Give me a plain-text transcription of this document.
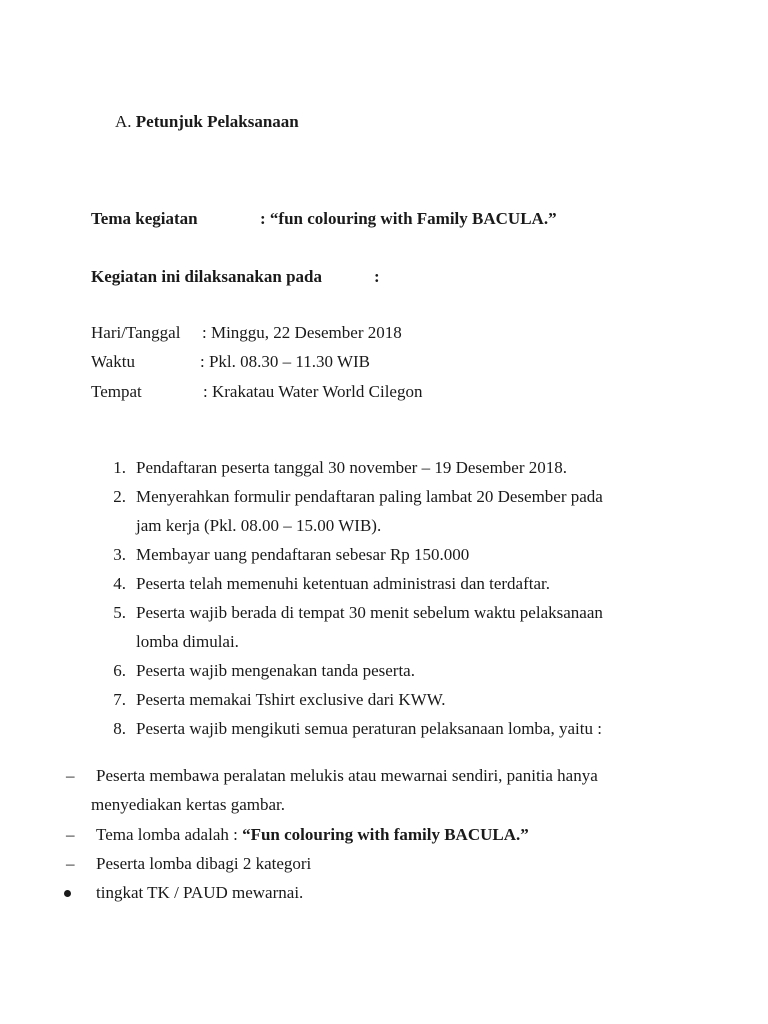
A. Petunjuk Pelaksanaan
Tema kegiatan	: “fun colouring with Family BACULA.”
Kegiatan ini dilaksanakan pada	:
Hari/Tanggal : Minggu, 22 Desember 2018
Waktu	: Pkl. 08.30 – 11.30 WIB
Tempat	: Krakatau Water World Cilegon
1. Pendaftaran peserta tanggal 30 november – 19 Desember 2018.
2. Menyerahkan formulir pendaftaran paling lambat 20 Desember pada
jam kerja (Pkl. 08.00 – 15.00 WIB).
3. Membayar uang pendaftaran sebesar Rp 150.000
4. Peserta telah memenuhi ketentuan administrasi dan terdaftar.
5. Peserta wajib berada di tempat 30 menit sebelum waktu pelaksanaan
lomba dimulai.
6. Peserta wajib mengenakan tanda peserta.
7. Peserta memakai Tshirt exclusive dari KWW.
8. Peserta wajib mengikuti semua peraturan pelaksanaan lomba, yaitu :
– Peserta membawa peralatan melukis atau mewarnai sendiri, panitia hanya
menyediakan kertas gambar.
– Tema lomba adalah : “Fun colouring with family BACULA.”
– Peserta lomba dibagi 2 kategori
tingkat TK / PAUD mewarnai.
